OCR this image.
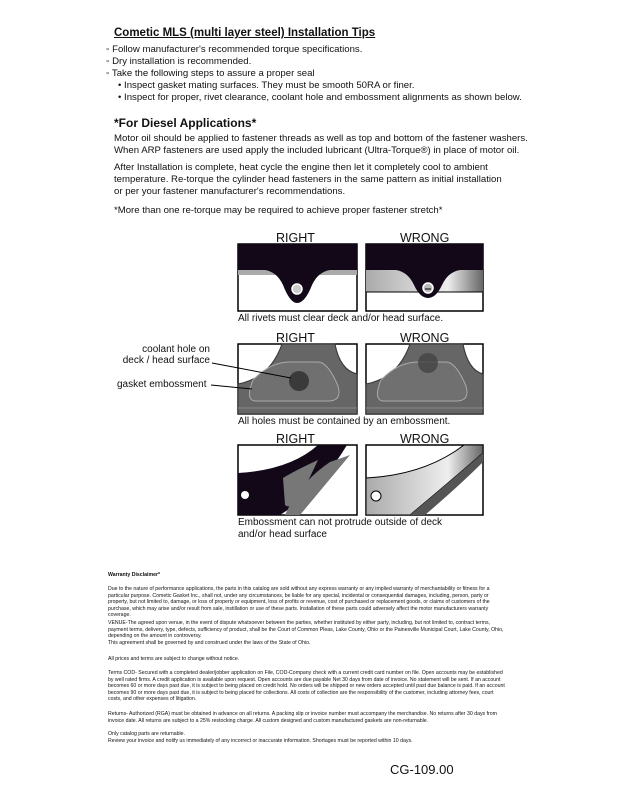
Cometic MLS (multi layer steel) Installation Tips
◦ Follow manufacturer's recommended torque specifications.
◦ Dry installation is recommended.
◦ Take the following steps to assure a proper seal
• Inspect gasket mating surfaces. They must be smooth 50RA or finer.
• Inspect for proper, rivet clearance, coolant hole and embossment alignments as shown below.
*For Diesel Applications*
Motor oil should be applied to fastener threads as well as top and bottom of the fastener washers.
When ARP fasteners are used apply the included lubricant (Ultra-Torque®) in place of motor oil.
After Installation is complete, heat cycle the engine then let it completely cool to ambient
temperature. Re-torque the cylinder head fasteners in the same pattern as initial installation
or per your fastener manufacturer's recommendations.
*More than one re-torque may be required to achieve proper fastener stretch*
RIGHT	WRONG
All rivets must clear deck and/or head surface.
RIGHT	WRONG
coolant hole on
deck / head surface
gasket embossment
All holes must be contained by an embossment.
RIGHT	WRONG
Embossment can not protrude outside of deck
and/or head surface
Warranty Disclaimer*
Due to the nature of performance applications, the parts in this catalog are sold without any express warranty or any implied warranty of merchantability or fitness for a particular purpose. Cometic Gasket Inc., shall not, under any circumstances, be liable for any special, incidental or consequential damages, including, person, party or property, but not limited to, damage, or loss of property or equipment, loss of profits or revenue, cost of purchased or replacement goods, or claims of customers of the purchase, which may arise and/or result from sale, instillation or use of these parts. Installation of these parts could adversely affect the motor manufacturers warranty coverage.
VENUE-The agreed upon venue, in the event of dispute whatsoever between the parties, whether instituted by either party, including, but not limited to, contract terms, payment terms, delivery, type, defects, sufficiency of product, shall be the Court of Common Pleas, Lake County, Ohio or the Painesville Municipal Court, Lake County, Ohio, depending on the amount in controversy.
This agreement shall be governed by and construed under the laws of the State of Ohio.
All prices and terms are subject to change without notice.
Terms COD- Secured with a completed dealer/jobber application on File, COD-Company check with a current credit card number on file. Open accounts may be established by well rated firms. A credit application is available upon request. Open accounts are due payable Net 30 days from date of invoice. No statement will be sent. If an account becomes 60 or more days past due, it is subject to being placed on credit hold. No orders will be shipped or new orders accepted until past due balance is paid. If an account becomes 90 or more days past due, it is subject to being placed for collections. All costs of collection are the responsibility of the customer, including attorney fees, court costs, and other expenses of litigation.
Returns- Authorized (RGA) must be obtained in advance on all returns. A packing slip or invoice number must accompany the merchandise. No returns after 30 days from invoice date. All returns are subject to a 25% restocking charge. All custom designed and custom manufactured gaskets are non-returnable.
Only catalog parts are returnable.
Review your invoice and notify us immediately of any incorrect or inaccurate information. Shortages must be reported within 10 days.
CG-109.00
